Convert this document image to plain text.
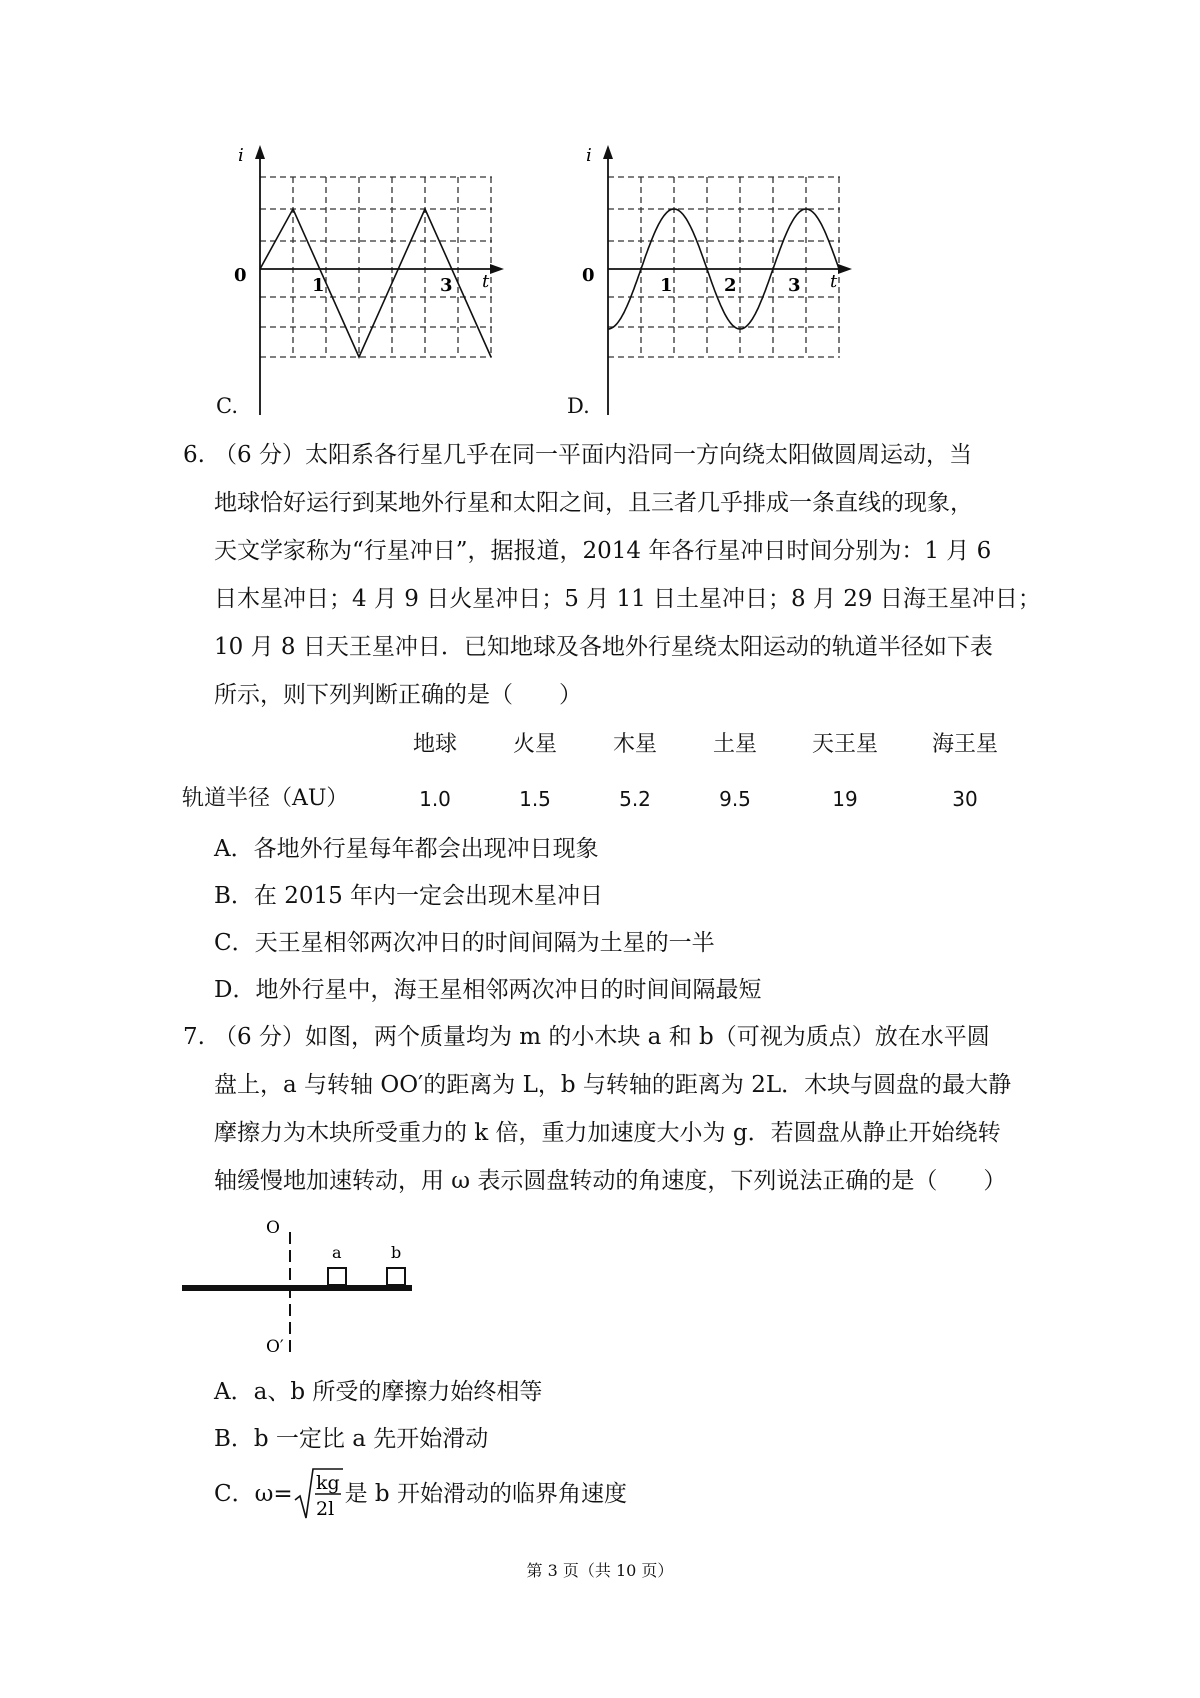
i
t
0	1	3
C.
i
t
0	1	2	3
D.
6. （6 分）太阳系各行星几乎在同一平面内沿同一方向绕太阳做圆周运动，当
地球恰好运行到某地外行星和太阳之间，且三者几乎排成一条直线的现象，
天文学家称为“行星冲日”，据报道，2014 年各行星冲日时间分别为：1 月 6
日木星冲日；4 月 9 日火星冲日；5 月 11 日土星冲日；8 月 29 日海王星冲日；
10 月 8 日天王星冲日．已知地球及各地外行星绕太阳运动的轨道半径如下表
所示，则下列判断正确的是（　　）
地球	火星	木星	土星	天王星	海王星
轨道半径（AU）	1.0	1.5	5.2	9.5	19	30
A．各地外行星每年都会出现冲日现象
B．在 2015 年内一定会出现木星冲日
C．天王星相邻两次冲日的时间间隔为土星的一半
D．地外行星中，海王星相邻两次冲日的时间间隔最短
7. （6 分）如图，两个质量均为 m 的小木块 a 和 b（可视为质点）放在水平圆
盘上，a 与转轴 OO′的距离为 L，b 与转轴的距离为 2L．木块与圆盘的最大静
摩擦力为木块所受重力的 k 倍，重力加速度大小为 g．若圆盘从静止开始绕转
轴缓慢地加速转动，用 ω 表示圆盘转动的角速度，下列说法正确的是（　　）
O
O′
a	b
A．a、b 所受的摩擦力始终相等
B．b 一定比 a 先开始滑动
C．ω= kg
2l
是 b 开始滑动的临界角速度
第 3 页（共 10 页）
